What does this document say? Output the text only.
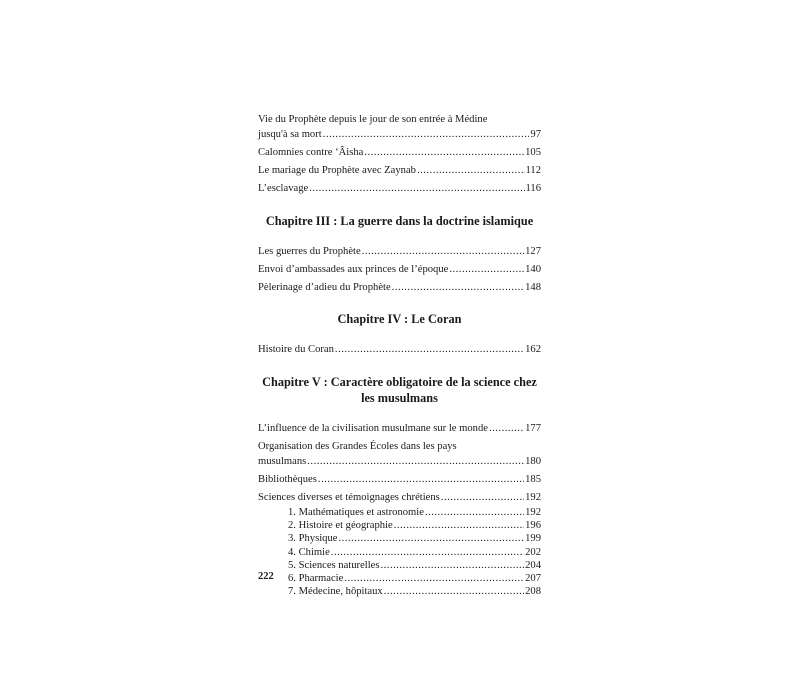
Vie du Prophète depuis le jour de son entrée à Médine
jusqu'à sa mort .....	97
Calomnies contre ‘Âisha .....	105
Le mariage du Prophète avec Zaynab .....	112
L’esclavage .....	116
Chapitre III : La guerre dans la doctrine islamique
Les guerres du Prophète .....	127
Envoi d’ambassades aux princes de l’époque .....	140
Pèlerinage d’adieu du Prophète .....	148
Chapitre IV : Le Coran
Histoire du Coran .....	162
Chapitre V : Caractère obligatoire de la science chez
les musulmans
L’influence de la civilisation musulmane sur le monde .....	177
Organisation des Grandes Écoles dans les pays
musulmans .....	180
Bibliothèques .....	185
Sciences diverses et témoignages chrétiens .....	192
1. Mathématiques et astronomie .....	192
2. Histoire et géographie .....	196
3. Physique .....	199
4. Chimie .....	202
5. Sciences naturelles .....	204
6. Pharmacie .....	207
7. Médecine, hôpitaux .....	208
222
